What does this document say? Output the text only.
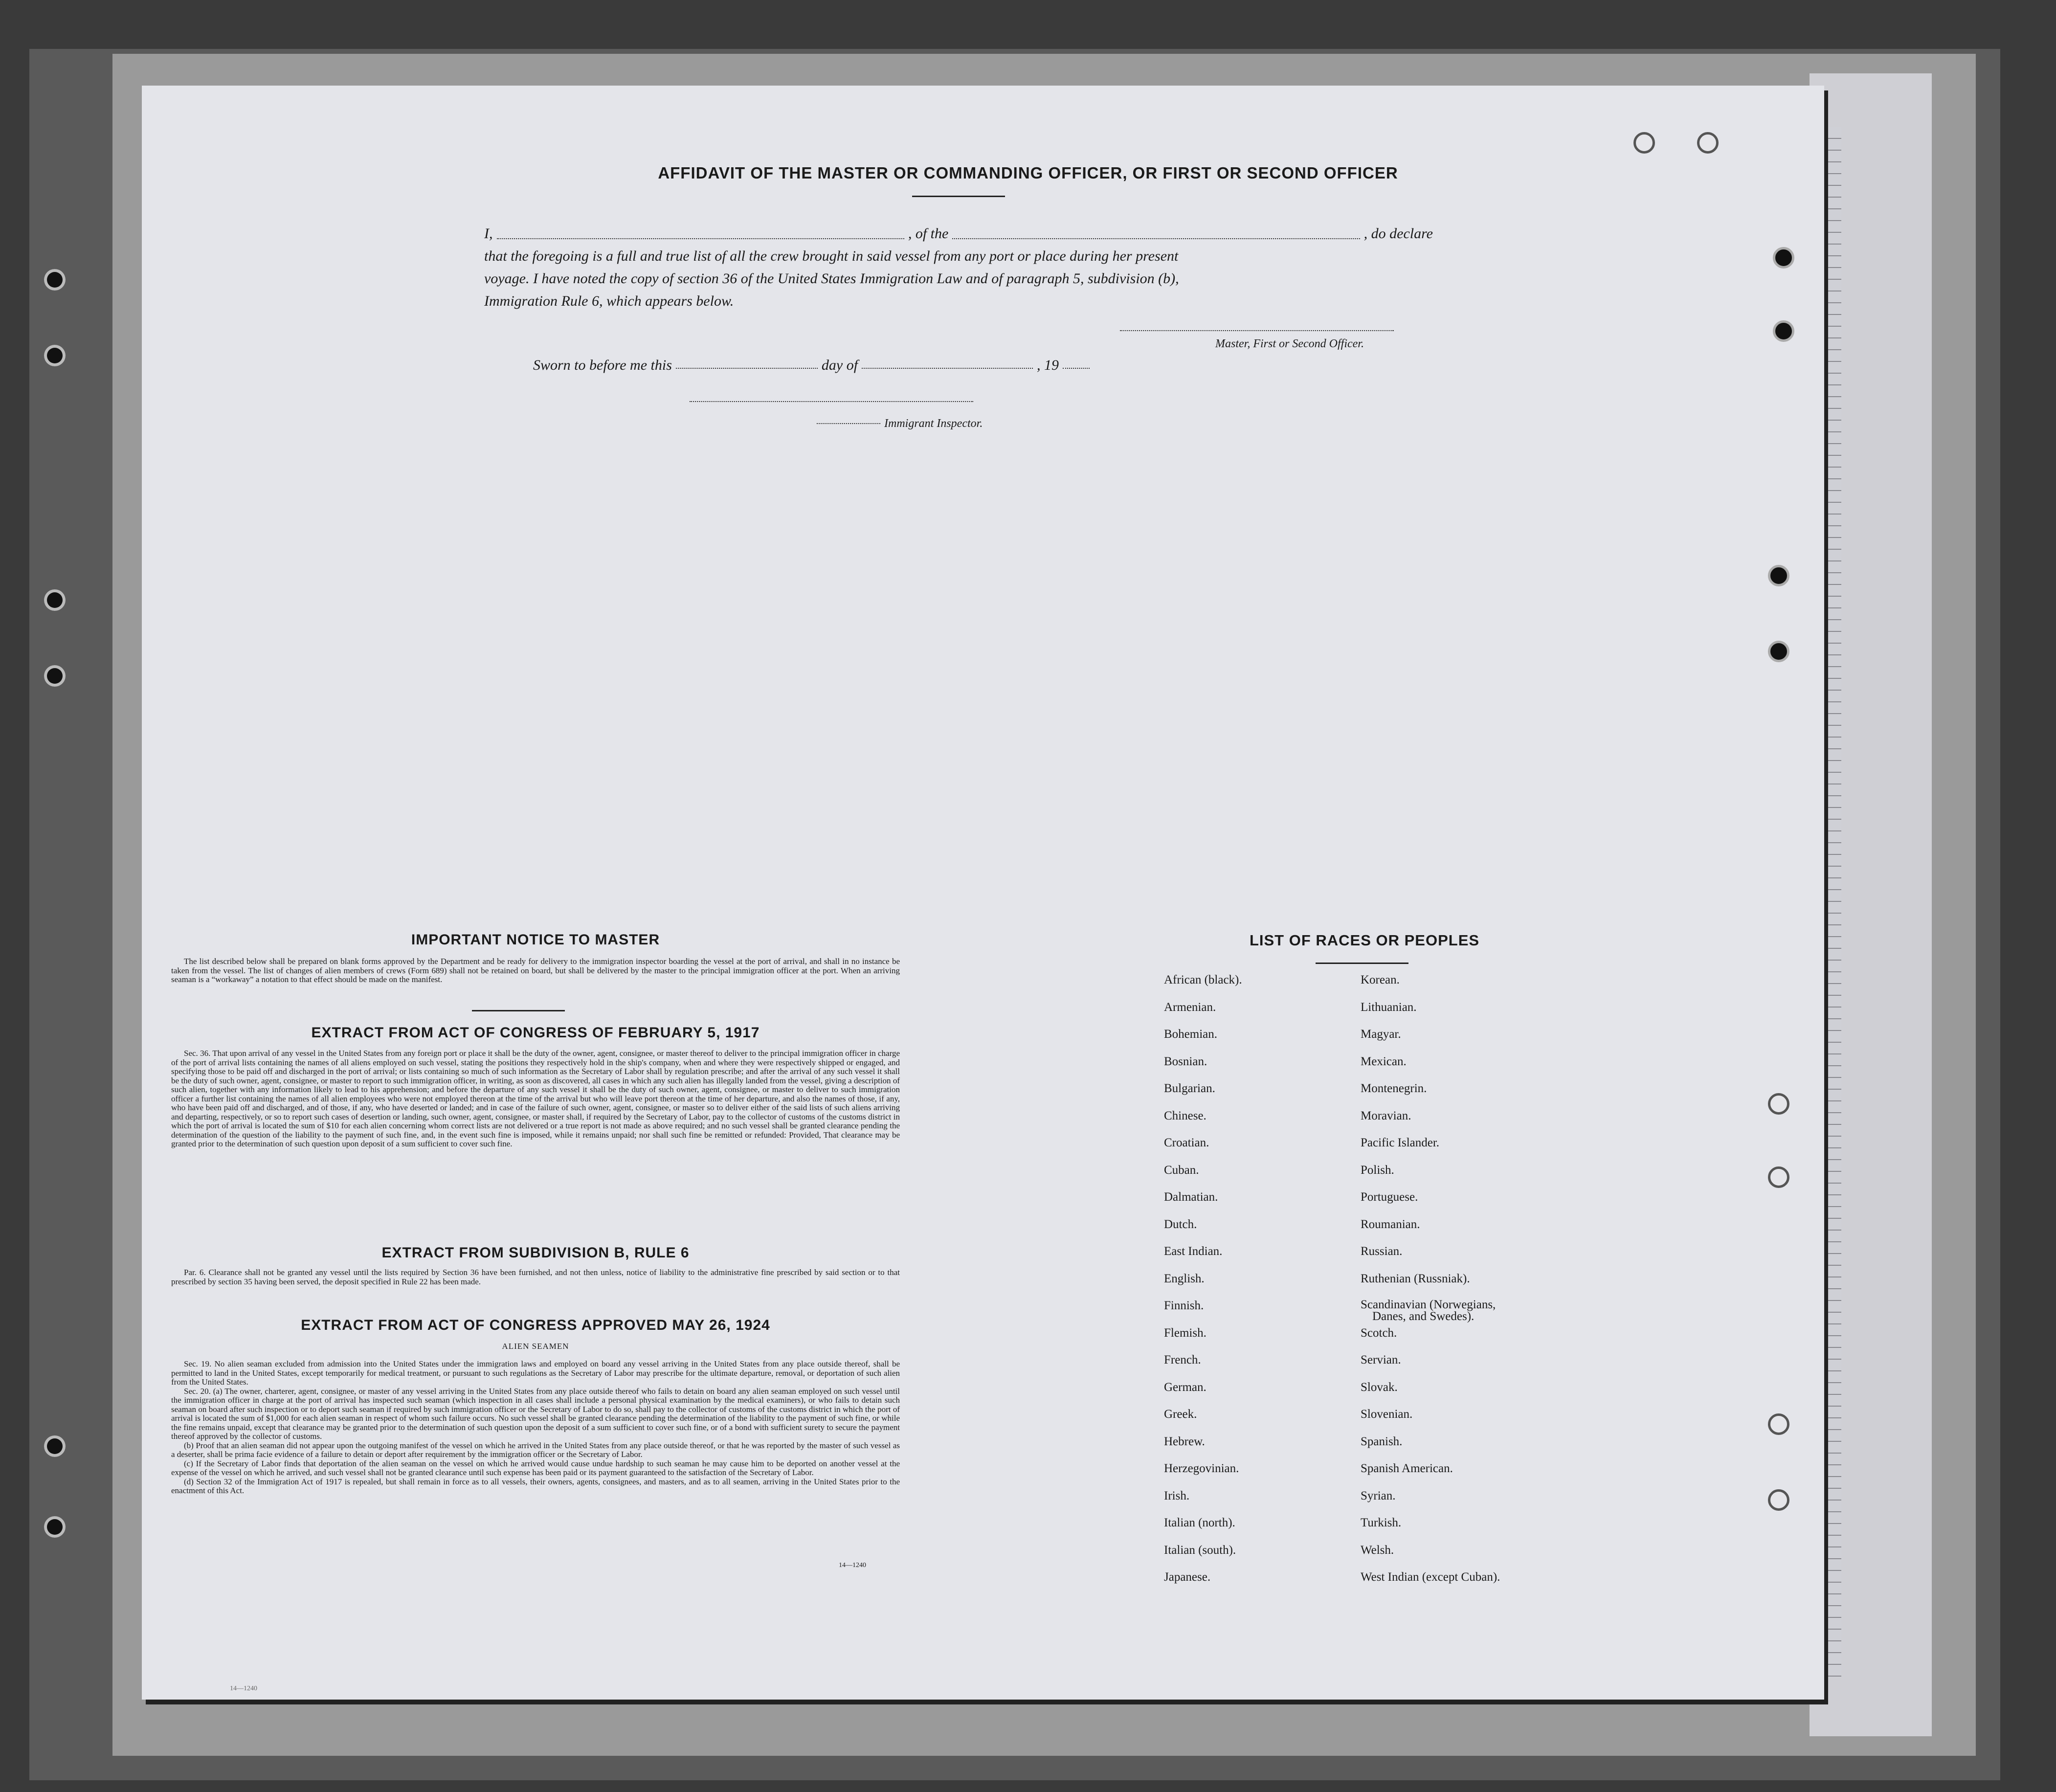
AFFIDAVIT OF THE MASTER OR COMMANDING OFFICER, OR FIRST OR SECOND OFFICER
I,	, of the	, do declare
that the foregoing is a full and true list of all the crew brought in said vessel from any port or place during her present
voyage. I have noted the copy of section 36 of the United States Immigration Law and of paragraph 5, subdivision (b),
Immigration Rule 6, which appears below.
Master, First or Second Officer.
Sworn to before me this	day of	, 19
Immigrant Inspector.
IMPORTANT NOTICE TO MASTER

The list described below shall be prepared on blank forms approved by the Department and be ready for delivery to the immigration inspector boarding the vessel at the port of arrival, and shall in no instance be taken from the vessel. The list of changes of alien members of crews (Form 689) shall not be retained on board, but shall be delivered by the master to the principal immigration officer at the port. When an arriving seaman is a “workaway” a notation to that effect should be made on the manifest.

EXTRACT FROM ACT OF CONGRESS OF FEBRUARY 5, 1917

Sec. 36. That upon arrival of any vessel in the United States from any foreign port or place it shall be the duty of the owner, agent, consignee, or master thereof to deliver to the principal immigration officer in charge of the port of arrival lists containing the names of all aliens employed on such vessel, stating the positions they respectively hold in the ship's company, when and where they were respectively shipped or engaged, and specifying those to be paid off and discharged in the port of arrival; or lists containing so much of such information as the Secretary of Labor shall by regulation prescribe; and after the arrival of any such vessel it shall be the duty of such owner, agent, consignee, or master to report to such immigration officer, in writing, as soon as discovered, all cases in which any such alien has illegally landed from the vessel, giving a description of such alien, together with any information likely to lead to his apprehension; and before the departure of any such vessel it shall be the duty of such owner, agent, consignee, or master to deliver to such immigration officer a further list containing the names of all alien employees who were not employed thereon at the time of the arrival but who will leave port thereon at the time of her departure, and also the names of those, if any, who have been paid off and discharged, and of those, if any, who have deserted or landed; and in case of the failure of such owner, agent, consignee, or master so to deliver either of the said lists of such aliens arriving and departing, respectively, or so to report such cases of desertion or landing, such owner, agent, consignee, or master shall, if required by the Secretary of Labor, pay to the collector of customs of the customs district in which the port of arrival is located the sum of $10 for each alien concerning whom correct lists are not delivered or a true report is not made as above required; and no such vessel shall be granted clearance pending the determination of the question of the liability to the payment of such fine, and, in the event such fine is imposed, while it remains unpaid; nor shall such fine be remitted or refunded: Provided, That clearance may be granted prior to the determination of such question upon deposit of a sum sufficient to cover such fine.

EXTRACT FROM SUBDIVISION B, RULE 6

Par. 6. Clearance shall not be granted any vessel until the lists required by Section 36 have been furnished, and not then unless, notice of liability to the administrative fine prescribed by said section or to that prescribed by section 35 having been served, the deposit specified in Rule 22 has been made.

EXTRACT FROM ACT OF CONGRESS APPROVED MAY 26, 1924
ALIEN SEAMEN

Sec. 19. No alien seaman excluded from admission into the United States under the immigration laws and employed on board any vessel arriving in the United States from any place outside thereof, shall be permitted to land in the United States, except temporarily for medical treatment, or pursuant to such regulations as the Secretary of Labor may prescribe for the ultimate departure, removal, or deportation of such alien from the United States.

Sec. 20. (a) The owner, charterer, agent, consignee, or master of any vessel arriving in the United States from any place outside thereof who fails to detain on board any alien seaman employed on such vessel until the immigration officer in charge at the port of arrival has inspected such seaman (which inspection in all cases shall include a personal physical examination by the medical examiners), or who fails to detain such seaman on board after such inspection or to deport such seaman if required by such immigration officer or the Secretary of Labor to do so, shall pay to the collector of customs of the customs district in which the port of arrival is located the sum of $1,000 for each alien seaman in respect of whom such failure occurs. No such vessel shall be granted clearance pending the determination of the liability to the payment of such fine, or while the fine remains unpaid, except that clearance may be granted prior to the determination of such question upon the deposit of a sum sufficient to cover such fine, or of a bond with sufficient surety to secure the payment thereof approved by the collector of customs.

(b) Proof that an alien seaman did not appear upon the outgoing manifest of the vessel on which he arrived in the United States from any place outside thereof, or that he was reported by the master of such vessel as a deserter, shall be prima facie evidence of a failure to detain or deport after requirement by the immigration officer or the Secretary of Labor.

(c) If the Secretary of Labor finds that deportation of the alien seaman on the vessel on which he arrived would cause undue hardship to such seaman he may cause him to be deported on another vessel at the expense of the vessel on which he arrived, and such vessel shall not be granted clearance until such expense has been paid or its payment guaranteed to the satisfaction of the Secretary of Labor.

(d) Section 32 of the Immigration Act of 1917 is repealed, but shall remain in force as to all vessels, their owners, agents, consignees, and masters, and as to all seamen, arriving in the United States prior to the enactment of this Act.

14—1240
LIST OF RACES OR PEOPLES
African (black).
Armenian.
Bohemian.
Bosnian.
Bulgarian.
Chinese.
Croatian.
Cuban.
Dalmatian.
Dutch.
East Indian.
English.
Finnish.
Flemish.
French.
German.
Greek.
Hebrew.
Herzegovinian.
Irish.
Italian (north).
Italian (south).
Japanese.
Korean.
Lithuanian.
Magyar.
Mexican.
Montenegrin.
Moravian.
Pacific Islander.
Polish.
Portuguese.
Roumanian.
Russian.
Ruthenian (Russniak).
Scandinavian (Norwegians,
Danes, and Swedes).
Scotch.
Servian.
Slovak.
Slovenian.
Spanish.
Spanish American.
Syrian.
Turkish.
Welsh.
West Indian (except Cuban).
14—1240
